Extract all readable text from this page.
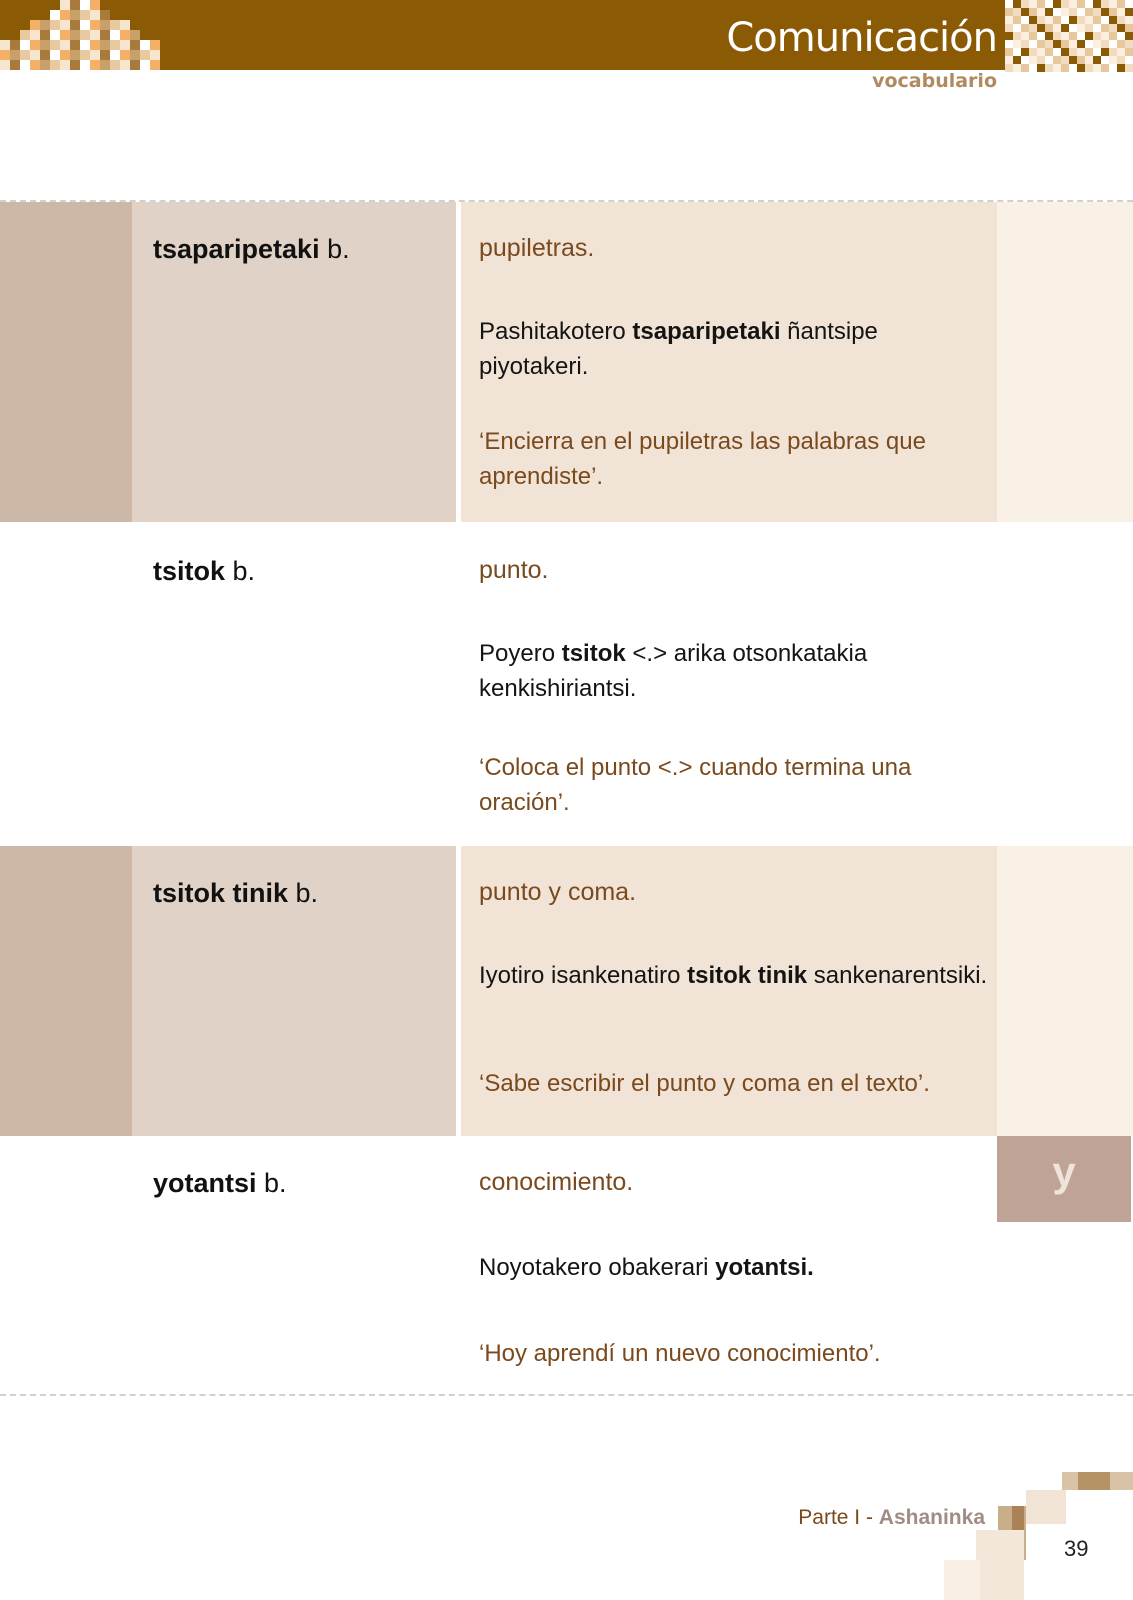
Comunicación
vocabulario
tsaparipetaki b.	pupiletras.
Pashitakotero tsaparipetaki ñantsipe piyotakeri.
‘Encierra en el pupiletras las palabras que aprendiste’.
tsitok b.	punto.
Poyero tsitok <.> arika otsonkatakia kenkishiriantsi.
‘Coloca el punto <.> cuando termina una oración’.
tsitok tinik b.	punto y coma.
Iyotiro isankenatiro tsitok tinik sankenarentsiki.
‘Sabe escribir el punto y coma en el texto’.
yotantsi b.	conocimiento.
Noyotakero obakerari yotantsi.
‘Hoy aprendí un nuevo conocimiento’.
y
Parte I - Ashaninka
39
